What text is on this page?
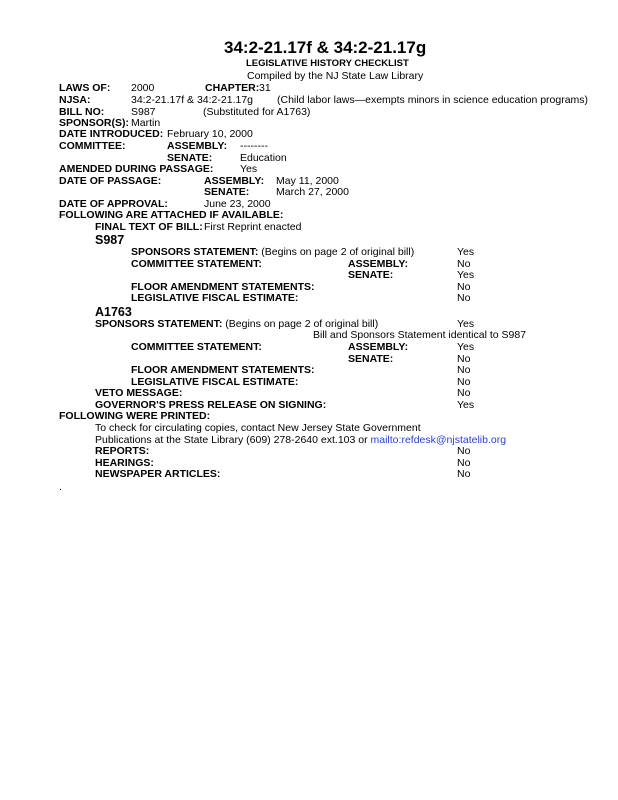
34:2-21.17f & 34:2-21.17g
LEGISLATIVE HISTORY CHECKLIST
Compiled by the NJ State Law Library
LAWS OF: 2000	CHAPTER: 31
NJSA:	34:2-21.17f & 34:2-21.17g (Child labor laws—exempts minors in science education programs)
BILL NO:	S987	(Substituted for A1763)
SPONSOR(S): Martin
DATE INTRODUCED: February 10, 2000
COMMITTEE:	ASSEMBLY: --------
SENATE:	Education
AMENDED DURING PASSAGE:	Yes
DATE OF PASSAGE:	ASSEMBLY: May 11, 2000
SENATE:	March 27, 2000
DATE OF APPROVAL:	June 23, 2000
FOLLOWING ARE ATTACHED IF AVAILABLE:
FINAL TEXT OF BILL: First Reprint enacted
S987
SPONSORS STATEMENT: (Begins on page 2 of original bill)	Yes
COMMITTEE STATEMENT:	ASSEMBLY:	No
SENATE:	Yes
FLOOR AMENDMENT STATEMENTS:	No
LEGISLATIVE FISCAL ESTIMATE:	No
A1763
SPONSORS STATEMENT: (Begins on page 2 of original bill)	Yes
Bill and Sponsors Statement identical to S987
COMMITTEE STATEMENT:	ASSEMBLY:	Yes
SENATE:	No
FLOOR AMENDMENT STATEMENTS:	No
LEGISLATIVE FISCAL ESTIMATE:	No
VETO MESSAGE:	No
GOVERNOR'S PRESS RELEASE ON SIGNING:	Yes
FOLLOWING WERE PRINTED:
To check for circulating copies, contact New Jersey State Government
Publications at the State Library (609) 278-2640 ext.103 or mailto:refdesk@njstatelib.org
REPORTS:	No
HEARINGS:	No
NEWSPAPER ARTICLES:	No
.
